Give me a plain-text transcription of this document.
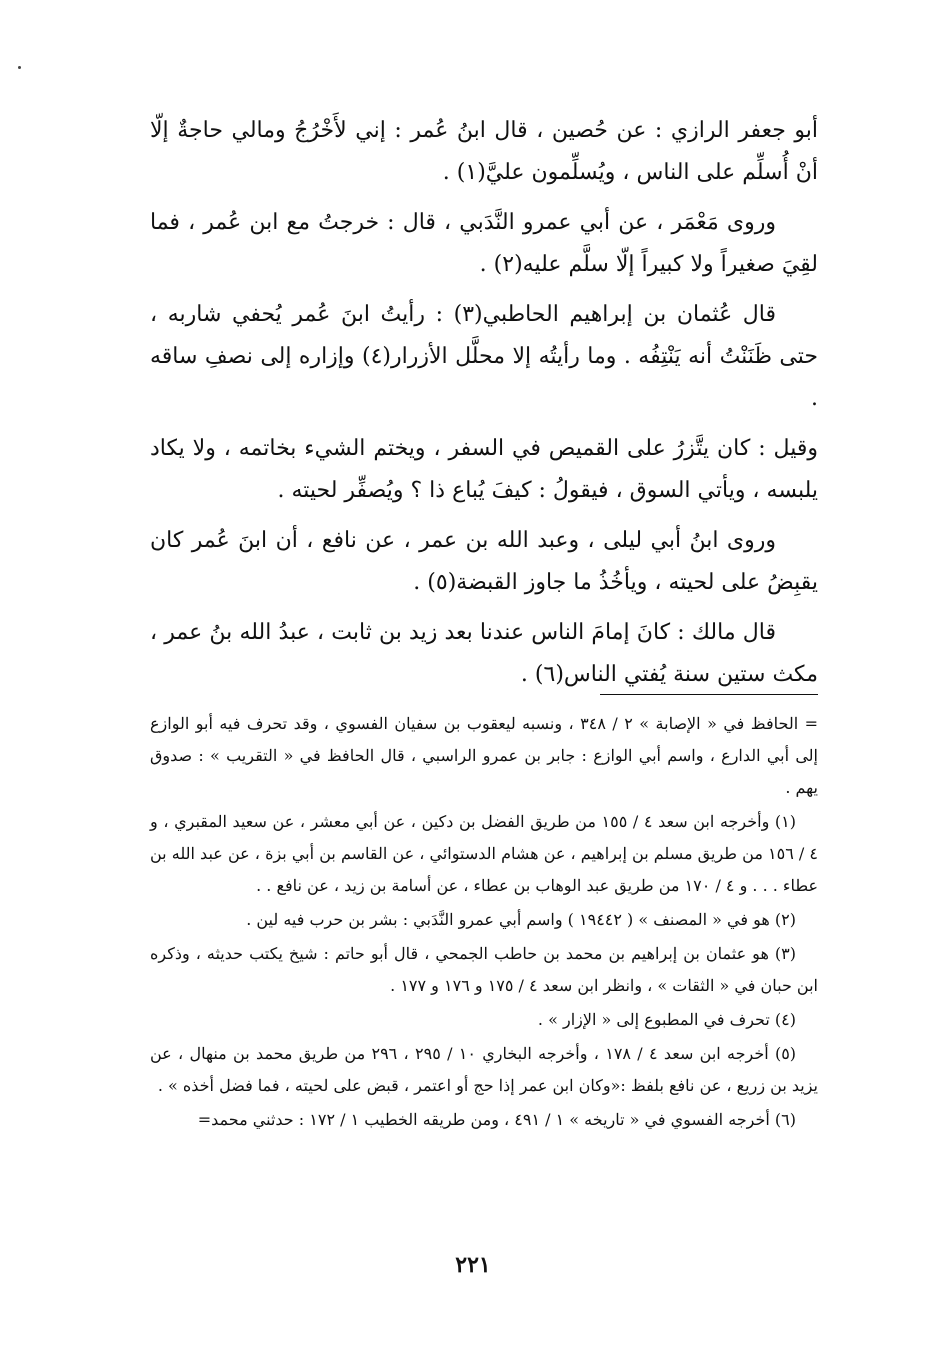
أبو جعفر الرازي : عن حُصين ، قال ابنُ عُمر : إني لأَخْرُجُ ومالي حاجةٌ إلّا أنْ أُسلِّم على الناس ، ويُسلِّمون عليَّ(١) .

وروى مَعْمَر ، عن أبي عمرو النَّدَبي ، قال : خرجتُ مع ابن عُمر ، فما لقِيَ صغيراً ولا كبيراً إلّا سلَّم عليه(٢) .

قال عُثمان بن إبراهيم الحاطبي(٣) : رأيتُ ابنَ عُمر يُحفي شاربه ، حتى ظَنَنْتُ أنه يَنْتِفُه . وما رأيتُه إلا محلَّل الأزرار(٤) وإزاره إلى نصفِ ساقه .

وقيل : كان يتَّزرُ على القميص في السفر ، ويختم الشيء بخاتمه ، ولا يكاد يلبسه ، ويأتي السوق ، فيقولُ : كيفَ يُباع ذا ؟ ويُصفِّر لحيته .

وروى ابنُ أبي ليلى ، وعبد الله بن عمر ، عن نافع ، أن ابنَ عُمر كان يقبِضُ على لحيته ، ويأخُذُ ما جاوز القبضة(٥) .

قال مالك : كانَ إمامَ الناس عندنا بعد زيد بن ثابت ، عبدُ الله بنُ عمر ، مكث ستين سنة يُفتي الناس(٦) .

= الحافظ في « الإصابة » ٢ / ٣٤٨ ، ونسبه ليعقوب بن سفيان الفسوي ، وقد تحرف فيه أبو الوازع إلى أبي الدارع ، واسم أبي الوازع : جابر بن عمرو الراسبي ، قال الحافظ في « التقريب » : صدوق يهم .

(١) وأخرجه ابن سعد ٤ / ١٥٥ من طريق الفضل بن دكين ، عن أبي معشر ، عن سعيد المقبري ، و ٤ / ١٥٦ من طريق مسلم بن إبراهيم ، عن هشام الدستوائي ، عن القاسم بن أبي بزة ، عن عبد الله بن عطاء . . . و ٤ / ١٧٠ من طريق عبد الوهاب بن عطاء ، عن أسامة بن زيد ، عن نافع . .

(٢) هو في « المصنف » ( ١٩٤٤٢ ) واسم أبي عمرو النَّدَبي : بشر بن حرب فيه لين .

(٣) هو عثمان بن إبراهيم بن محمد بن حاطب الجمحي ، قال أبو حاتم : شيخ يكتب حديثه ، وذكره ابن حبان في « الثقات » ، وانظر ابن سعد ٤ / ١٧٥ و ١٧٦ و ١٧٧ .

(٤) تحرف في المطبوع إلى « الإزار » .

(٥) أخرجه ابن سعد ٤ / ١٧٨ ، وأخرجه البخاري ١٠ / ٢٩٥ ، ٢٩٦ من طريق محمد بن منهال ، عن يزيد بن زريع ، عن نافع بلفظ :«وكان ابن عمر إذا حج أو اعتمر ، قبض على لحيته ، فما فضل أخذه » .

(٦) أخرجه الفسوي في « تاريخه » ١ / ٤٩١ ، ومن طريقه الخطيب ١ / ١٧٢ : حدثني محمد=

٢٢١
